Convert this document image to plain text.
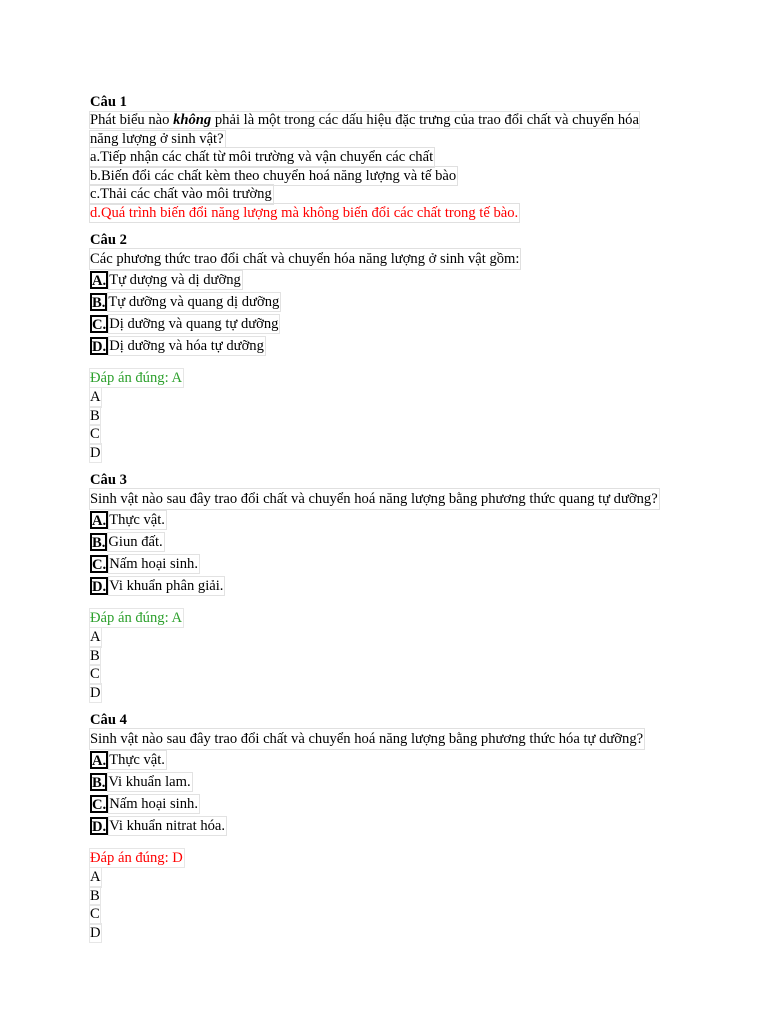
Câu 1
Phát biểu nào không phải là một trong các dấu hiệu đặc trưng của trao đổi chất và chuyển hóa năng lượng ở sinh vật?
a.Tiếp nhận các chất từ môi trường và vận chuyển các chất
b.Biến đổi các chất kèm theo chuyển hoá năng lượng và tế bào
c.Thải các chất vào môi trường
d.Quá trình biến đổi năng lượng mà không biến đổi các chất trong tế bào.
Câu 2
Các phương thức trao đổi chất và chuyển hóa năng lượng ở sinh vật gồm:
A. Tự dượng và dị dưỡng
B. Tự dưỡng và quang dị dưỡng
C. Dị dưỡng và quang tự dưỡng
D. Dị dưỡng và hóa tự dưỡng
Đáp án đúng: A
A
B
C
D
Câu 3
Sinh vật nào sau đây trao đổi chất và chuyển hoá năng lượng bằng phương thức quang tự dưỡng?
A. Thực vật.
B. Giun đất.
C. Nấm hoại sinh.
D. Vi khuẩn phân giải.
Đáp án đúng: A
A
B
C
D
Câu 4
Sinh vật nào sau đây trao đổi chất và chuyển hoá năng lượng bằng phương thức hóa tự dưỡng?
A. Thực vật.
B. Vi khuẩn lam.
C. Nấm hoại sinh.
D. Vi khuẩn nitrat hóa.
Đáp án đúng: D
A
B
C
D
